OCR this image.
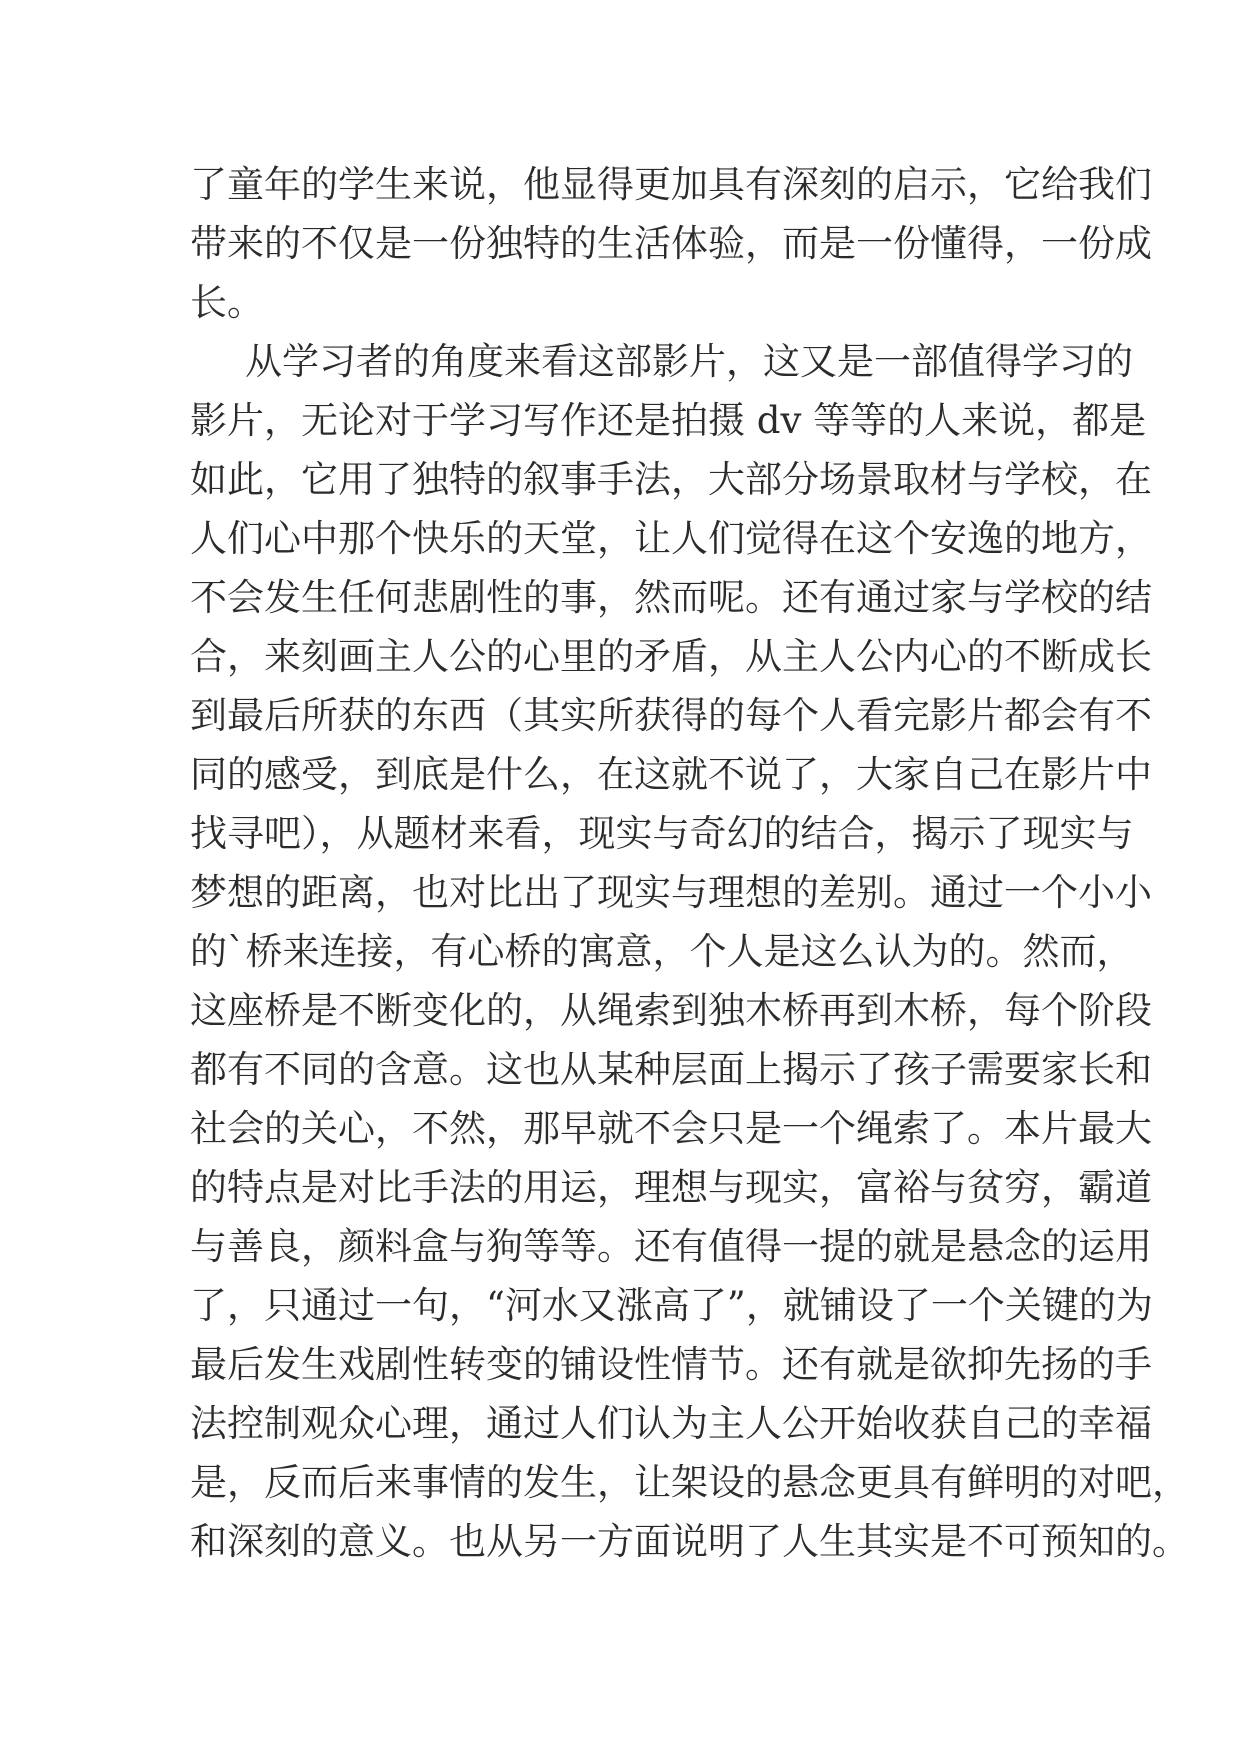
了童年的学生来说，他显得更加具有深刻的启示，它给我们
带来的不仅是一份独特的生活体验，而是一份懂得，一份成
长。
从学习者的角度来看这部影片，这又是一部值得学习的
影片，无论对于学习写作还是拍摄 dv 等等的人来说，都是
如此，它用了独特的叙事手法，大部分场景取材与学校，在
人们心中那个快乐的天堂，让人们觉得在这个安逸的地方，
不会发生任何悲剧性的事，然而呢。还有通过家与学校的结
合，来刻画主人公的心里的矛盾，从主人公内心的不断成长
到最后所获的东西（其实所获得的每个人看完影片都会有不
同的感受，到底是什么，在这就不说了，大家自己在影片中
找寻吧），从题材来看，现实与奇幻的结合，揭示了现实与
梦想的距离，也对比出了现实与理想的差别。通过一个小小
的`桥来连接，有心桥的寓意，个人是这么认为的。然而，
这座桥是不断变化的，从绳索到独木桥再到木桥，每个阶段
都有不同的含意。这也从某种层面上揭示了孩子需要家长和
社会的关心，不然，那早就不会只是一个绳索了。本片最大
的特点是对比手法的用运，理想与现实，富裕与贫穷，霸道
与善良，颜料盒与狗等等。还有值得一提的就是悬念的运用
了，只通过一句，“河水又涨高了”，就铺设了一个关键的为
最后发生戏剧性转变的铺设性情节。还有就是欲抑先扬的手
法控制观众心理，通过人们认为主人公开始收获自己的幸福
是，反而后来事情的发生，让架设的悬念更具有鲜明的对吧，
和深刻的意义。也从另一方面说明了人生其实是不可预知的。
